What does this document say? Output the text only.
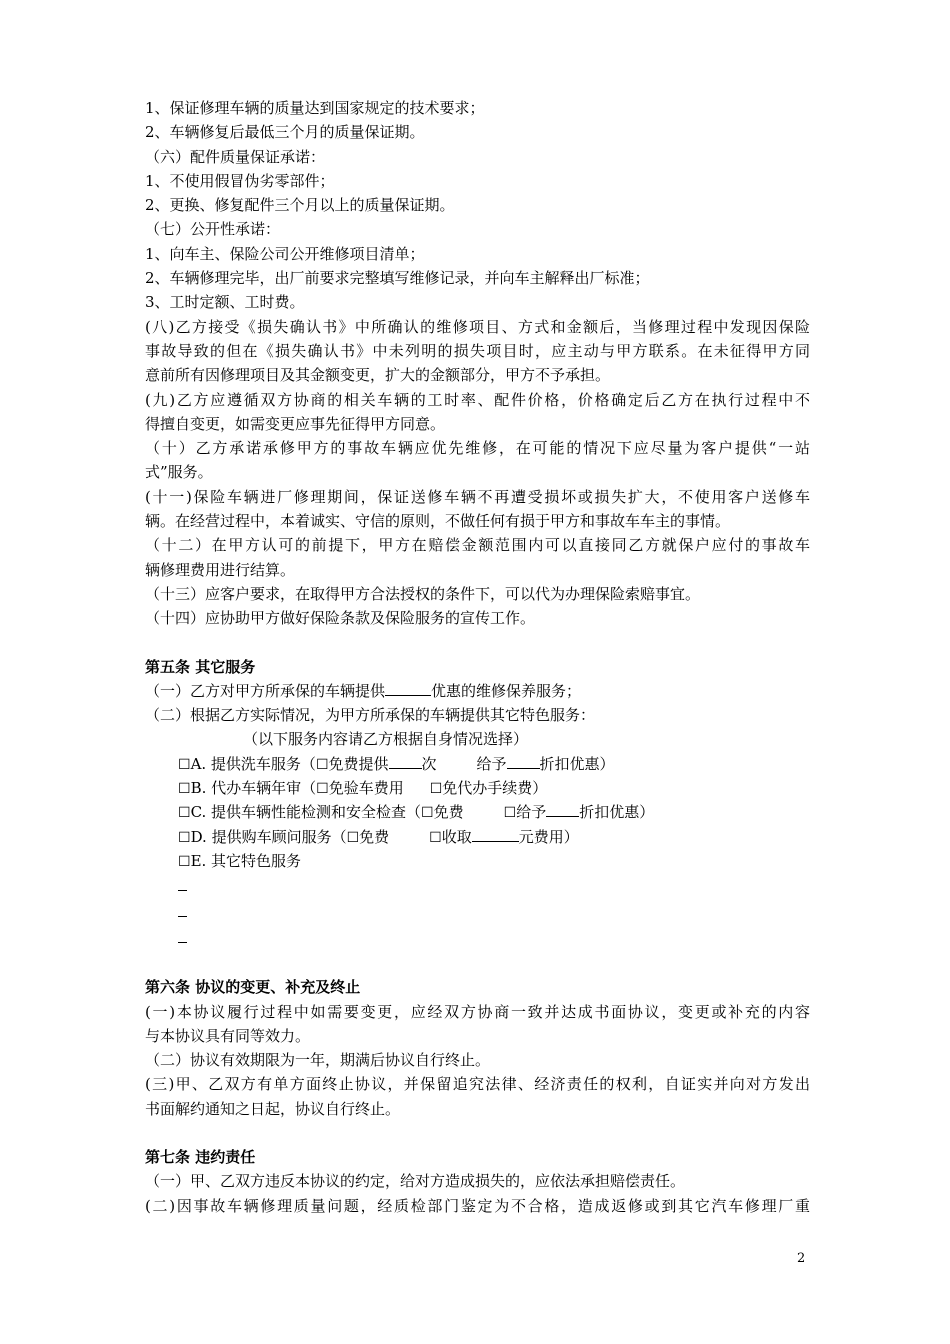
1、保证修理车辆的质量达到国家规定的技术要求；
2、车辆修复后最低三个月的质量保证期。
（六）配件质量保证承诺：
1、不使用假冒伪劣零部件；
2、更换、修复配件三个月以上的质量保证期。
（七）公开性承诺：
1、向车主、保险公司公开维修项目清单；
2、车辆修理完毕，出厂前要求完整填写维修记录，并向车主解释出厂标准；
3、工时定额、工时费。
(八)乙方接受《损失确认书》中所确认的维修项目、方式和金额后，当修理过程中发现因保险
事故导致的但在《损失确认书》中未列明的损失项目时，应主动与甲方联系。在未征得甲方同
意前所有因修理项目及其金额变更，扩大的金额部分，甲方不予承担。
(九)乙方应遵循双方协商的相关车辆的工时率、配件价格，价格确定后乙方在执行过程中不
得擅自变更，如需变更应事先征得甲方同意。
（十）乙方承诺承修甲方的事故车辆应优先维修，在可能的情况下应尽量为客户提供“一站
式”服务。
(十一)保险车辆进厂修理期间，保证送修车辆不再遭受损坏或损失扩大，不使用客户送修车
辆。在经营过程中，本着诚实、守信的原则，不做任何有损于甲方和事故车车主的事情。
（十二）在甲方认可的前提下，甲方在赔偿金额范围内可以直接同乙方就保户应付的事故车
辆修理费用进行结算。
（十三）应客户要求，在取得甲方合法授权的条件下，可以代为办理保险索赔事宜。
（十四）应协助甲方做好保险条款及保险服务的宣传工作。
第五条 其它服务
（一）乙方对甲方所承保的车辆提供	优惠的维修保养服务；
（二）根据乙方实际情况，为甲方所承保的车辆提供其它特色服务：
（以下服务内容请乙方根据自身情况选择）
☐A. 提供洗车服务（☐免费提供 次	给予 折扣优惠）
☐B. 代办车辆年审（☐免验车费用 ☐免代办手续费）
☐C. 提供车辆性能检测和安全检查（☐免费	☐给予 折扣优惠）
☐D. 提供购车顾问服务（☐免费	☐收取	元费用）
☐E. 其它特色服务
第六条 协议的变更、补充及终止
(一)本协议履行过程中如需要变更，应经双方协商一致并达成书面协议，变更或补充的内容
与本协议具有同等效力。
（二）协议有效期限为一年，期满后协议自行终止。
(三)甲、乙双方有单方面终止协议，并保留追究法律、经济责任的权利，自证实并向对方发出
书面解约通知之日起，协议自行终止。
第七条 违约责任
（一）甲、乙双方违反本协议的约定，给对方造成损失的，应依法承担赔偿责任。
(二)因事故车辆修理质量问题，经质检部门鉴定为不合格，造成返修或到其它汽车修理厂重
2
